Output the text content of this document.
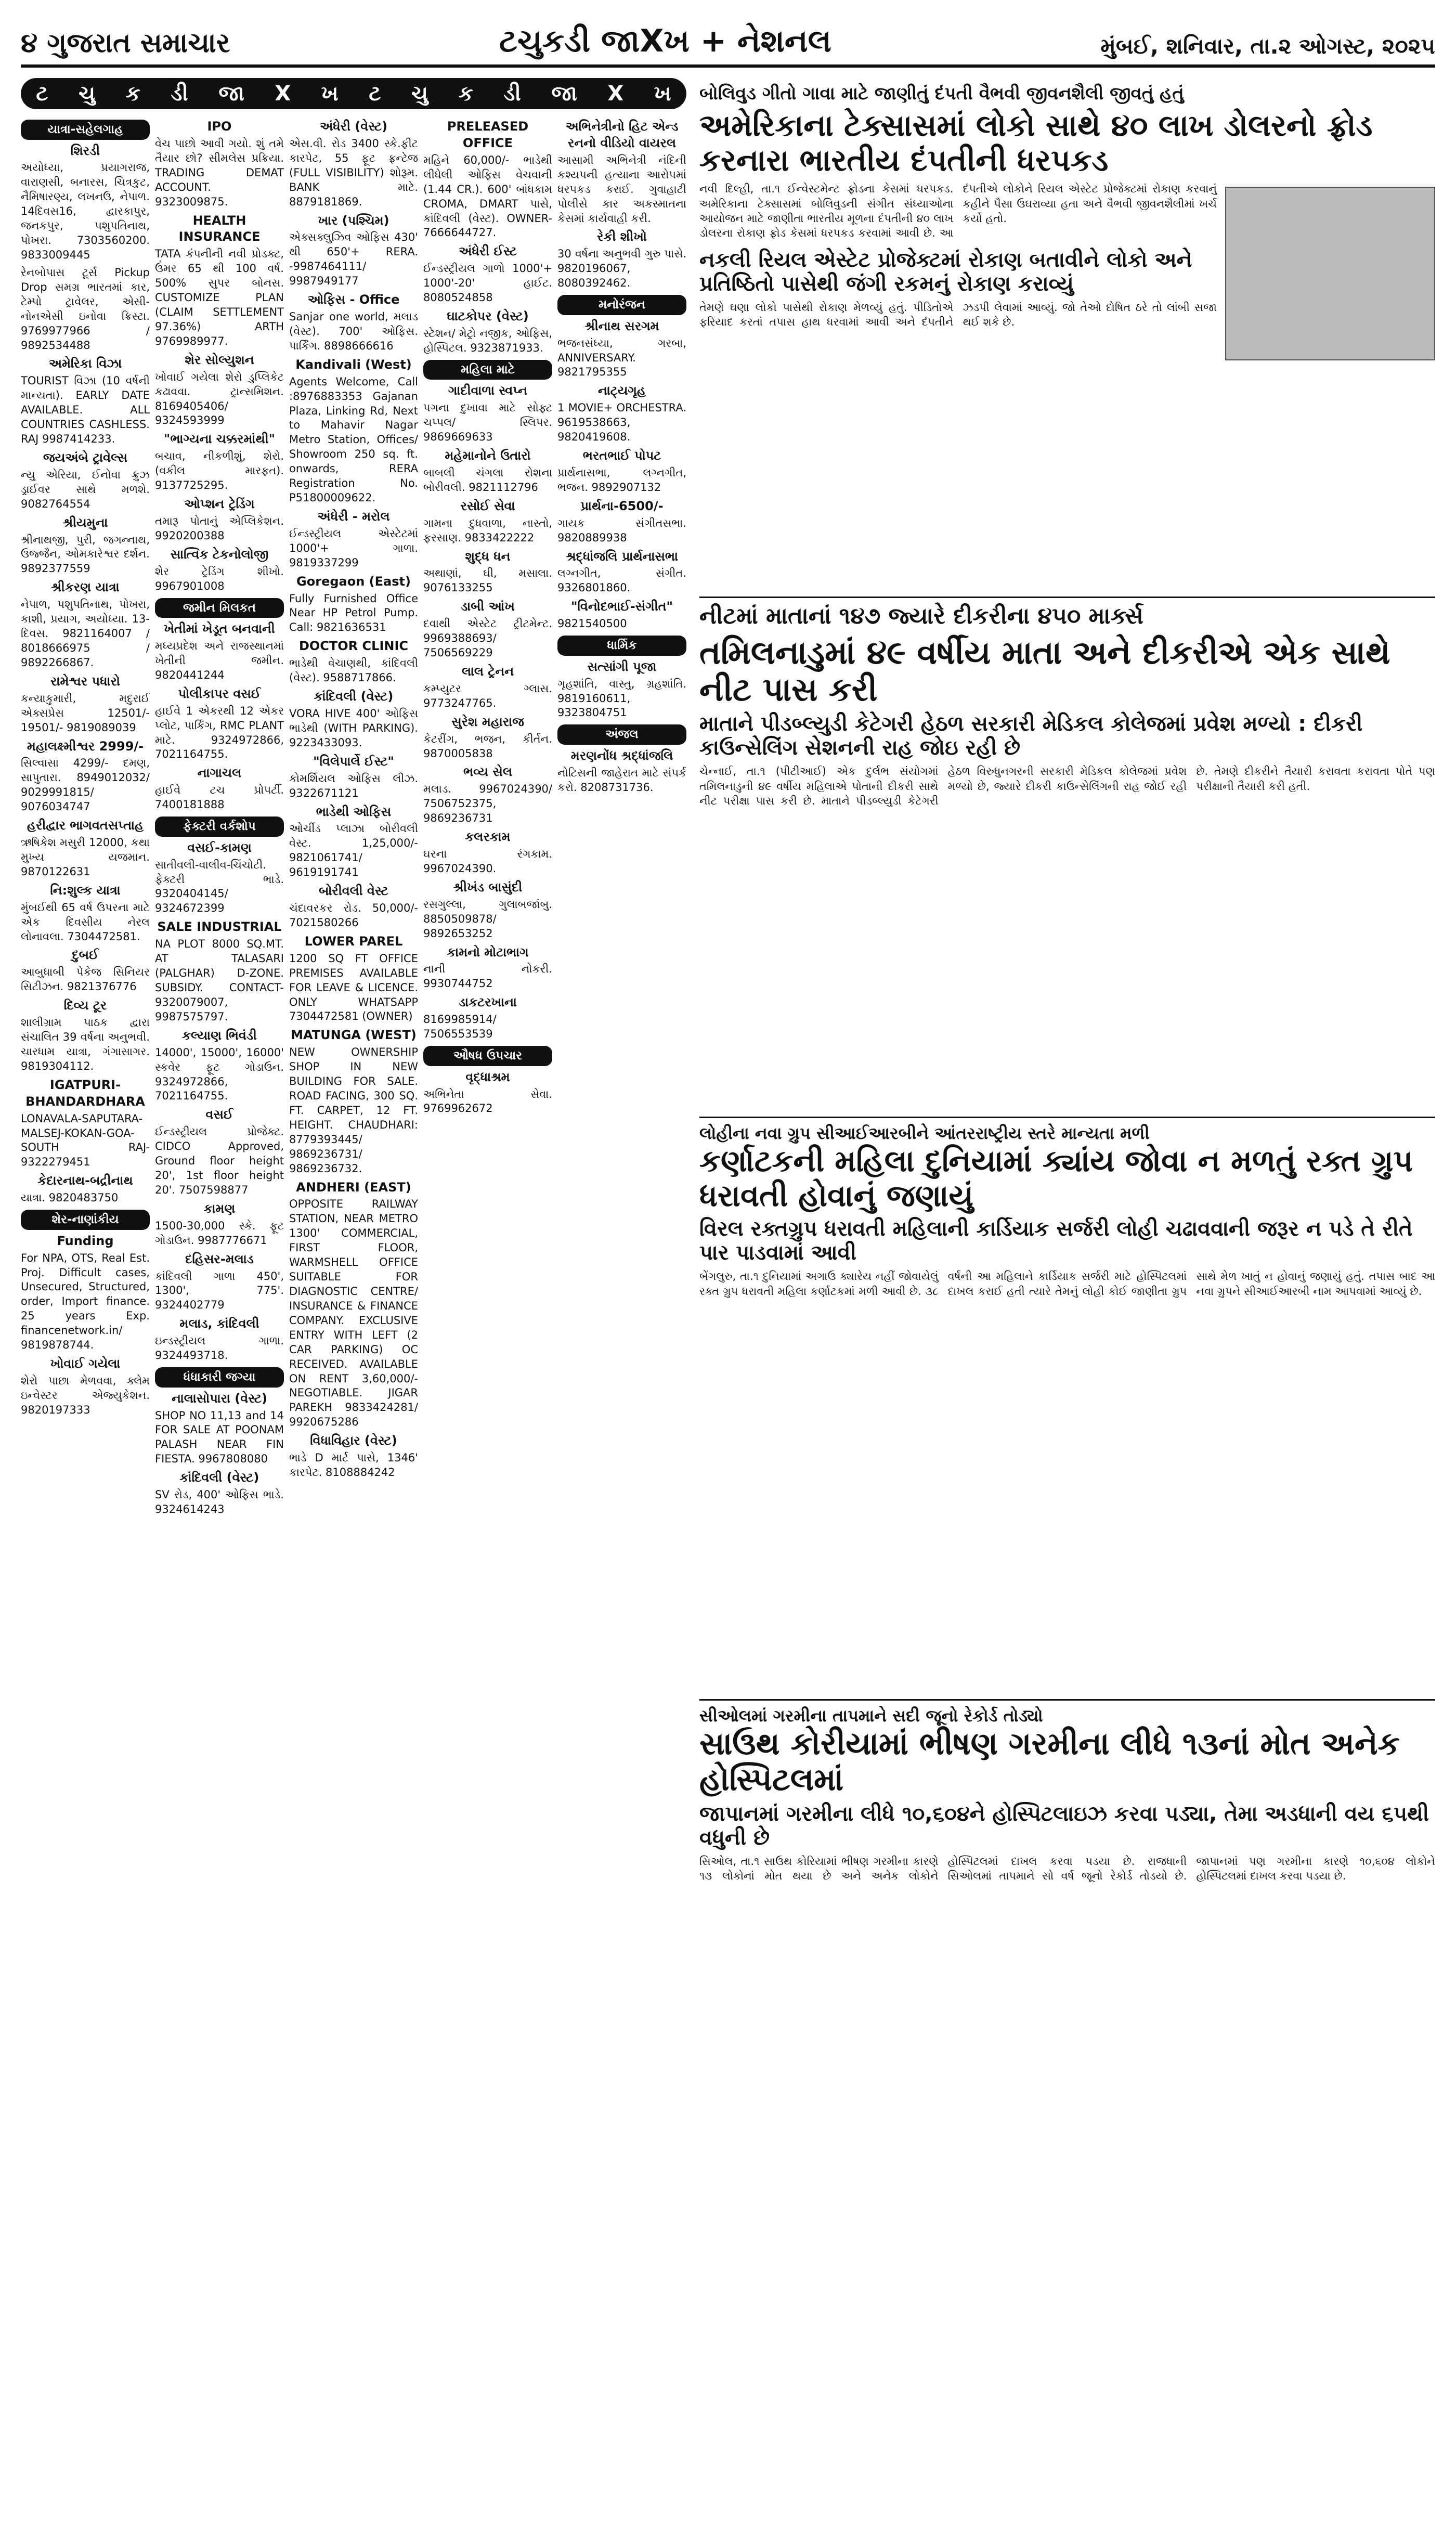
૪ ગુજરાત સમાચાર	ટચુકડી જાXખ + નેશનલ	મુંબઈ, શનિવાર, તા.૨ ઓગસ્ટ, ૨૦૨૫
ટ ચુ ક ડી જા X ખ ટ ચુ ક ડી જા X ખ
યાત્રા-સહેલગાહ
શિરડી

અયોધ્યા, પ્રયાગરાજ, વારાણસી, બનારસ, ચિત્રકુટ, નૈમિષારણ્ય, લખનઉ, નેપાળ. 14દિવસ16, દ્વારકાપુર, જનકપુર, પશુપતિનાથ, પોખરા. 7303560200. 9833009445

રેનબોપાસ ટૂર્સ Pickup Drop સમગ્ર ભારતમાં કાર, ટેમ્પો ટ્રાવેલર, એસી-નોનએસી ઇનોવા ક્રિસ્ટા. 9769977966 / 9892534488

અમેરિકા વિઝા

TOURIST વિઝા (10 વર્ષની માન્યતા). EARLY DATE AVAILABLE. ALL COUNTRIES CASHLESS. RAJ 9987414233.

જયઅંબે ટ્રાવેલ્સ

ન્યુ એરિયા, ઈનોવા ક્રુઝ ડ્રાઈવર સાથે મળશે. 9082764554

શ્રીયમુના

શ્રીનાથજી, પુરી, જગન્નાથ, ઉજ્જૈન, ઓમકારેશ્વર દર્શન. 9892377559

શ્રીકરણ યાત્રા

નેપાળ, પશુપતિનાથ, પોખરા, કાશી, પ્રયાગ, અયોધ્યા. 13-દિવસ. 9821164007 / 8018666975 / 9892266867.

રામેશ્વર પધારો

કન્યાકુમારી, મદુરાઈ એક્સપ્રેસ 12501/- 19501/- 9819089039

મહાલક્ષ્મીશ્વર 2999/-

સિલ્વાસા 4299/- દમણ, સાપુતારા. 8949012032/ 9029991815/ 9076034747

હરીદ્વાર ભાગવતસપ્તાહ

ઋષિકેશ મસુરી 12000, કથા મુખ્ય યજમાન. 9870122631

નિ:શુલ્ક યાત્રા

મુંબઈથી 65 વર્ષ ઉપરના માટે એક દિવસીય નેરલ લોનાવલા. 7304472581.

દુબઈ

આબુધાબી પેકેજ સિનિયર સિટીઝન. 9821376776

દિવ્ય ટૂર

શાલીગ્રામ પાઠક દ્વારા સંચાલિત 39 વર્ષના અનુભવી. ચારધામ યાત્રા, ગંગાસાગર. 9819304112.

IGATPURI-BHANDARDHARA

LONAVALA-SAPUTARA-MALSEJ-KOKAN-GOA-SOUTH RAJ-9322279451

કેદારનાથ-બદ્રીનાથ

યાત્રા. 9820483750

શેર-નાણાંકીય
Funding

For NPA, OTS, Real Est. Proj. Difficult cases, Unsecured, Structured, order, Import finance. 25 years Exp. financenetwork.in/ 9819878744.

ખોવાઈ ગયેલા

શેરો પાછા મેળવવા, ક્લેમ ઇન્વેસ્ટર એજ્યુકેશન. 9820197333

IPO

વેચ પાછો આવી ગયો. શું તમે તૈયાર છો? સીમલેસ પ્રક્રિયા. TRADING DEMAT ACCOUNT. 9323009875.

HEALTH INSURANCE

TATA કંપનીની નવી પ્રોડક્ટ, ઉંમર 65 થી 100 વર્ષ. 500% સુપર બોનસ. CUSTOMIZE PLAN (CLAIM SETTLEMENT 97.36%) ARTH 9769989977.

શેર સોલ્યુશન

ખોવાઈ ગયેલા શેરો ડુપ્લિકેટ કઢાવવા. ટ્રાન્સમિશન. 8169405406/ 9324593999

"ભાગ્યના ચક્કરમાંથી"

બચાવ, નીકળીશું, શેરો. (વકીલ મારફત). 9137725295.

ઓપ્શન ટ્રેડિંગ

તમારૂ પોતાનું એપ્લિકેશન. 9920200388

સાત્વિક ટેકનોલોજી

શેર ટ્રેડિંગ શીખો. 9967901008

જમીન મિલકત
ખેતીમાં ખેડૂત બનવાની

મધ્યપ્રદેશ અને રાજસ્થાનમાં ખેતીની જમીન. 9820441244

પોલીકાપર વસઈ

હાઈવે 1 એકરથી 12 એકર પ્લોટ, પાર્કિંગ, RMC PLANT માટે. 9324972866, 7021164755.

નાગાચલ

હાઈવે ટચ પ્રોપર્ટી. 7400181888

ફેક્ટરી વર્કશોપ
વસઈ-કામણ

સાતીવલી-વાલીવ-ચિંચોટી. ફેક્ટરી ભાડે. 9320404145/ 9324672399

SALE INDUSTRIAL

NA PLOT 8000 SQ.MT. AT TALASARI (PALGHAR) D-ZONE. SUBSIDY. CONTACT- 9320079007, 9987575797.

કલ્યાણ ભિવંડી

14000', 15000', 16000' સ્કવેર ફૂટ ગોડાઉન. 9324972866, 7021164755.

વસઈ

ઈન્ડસ્ટ્રીયલ પ્રોજેક્ટ. CIDCO Approved, Ground floor height 20', 1st floor height 20'. 7507598877

કામણ

1500-30,000 સ્કે. ફૂટ ગોડાઉન. 9987776671

દહિસર-મલાડ

કાંદિવલી ગાળા 450', 1300', 775'. 9324402779

મલાડ, કાંદિવલી

ઇન્ડસ્ટ્રીયલ ગાળા. 9324493718.

ધંધાકારી જગ્યા
નાલાસોપારા (વેસ્ટ)

SHOP NO 11,13 and 14 FOR SALE AT POONAM PALASH NEAR FIN FIESTA. 9967808080

કાંદિવલી (વેસ્ટ)

SV રોડ, 400' ઓફિસ ભાડે. 9324614243

અંધેરી (વેસ્ટ)

એસ.વી. રોડ 3400 સ્કે.ફીટ કારપેટ, 55 ફૂટ ફ્રન્ટેજ (FULL VISIBILITY) શોરૂમ. BANK માટે. 8879181869.

ખાર (પશ્ચિમ)

એક્સક્લુઝિવ ઓફિસ 430' થી 650'+ RERA. -9987464111/ 9987949177

ઓફિસ - Office

Sanjar one world, મલાડ (વેસ્ટ). 700' ઓફિસ. પાર્કિંગ. 8898666616

Kandivali (West)

Agents Welcome, Call :8976883353 Gajanan Plaza, Linking Rd, Next to Mahavir Nagar Metro Station, Offices/ Showroom 250 sq. ft. onwards, RERA Registration No. P51800009622.

અંધેરી - મરોલ

ઈન્ડસ્ટ્રીયલ એસ્ટેટમાં 1000'+ ગાળા. 9819337299

Goregaon (East)

Fully Furnished Office Near HP Petrol Pump. Call: 9821636531

DOCTOR CLINIC

ભાડેથી વેચાણથી, કાંદિવલી (વેસ્ટ). 9588717866.

કાંદિવલી (વેસ્ટ)

VORA HIVE 400' ઓફિસ ભાડેથી (WITH PARKING). 9223433093.

"વિલેપાર્લે ઈસ્ટ"

કોમર્શિયલ ઓફિસ લીઝ. 9322671121

ભાડેથી ઓફિસ

ઓર્ચીડ પ્લાઝા બોરીવલી વેસ્ટ. 1,25,000/- 9821061741/ 9619191741

બોરીવલી વેસ્ટ

ચંદાવરકર રોડ. 50,000/- 7021580266

LOWER PAREL

1200 SQ FT OFFICE PREMISES AVAILABLE FOR LEAVE & LICENCE. ONLY WHATSAPP 7304472581 (OWNER)

MATUNGA (WEST)

NEW OWNERSHIP SHOP IN NEW BUILDING FOR SALE. ROAD FACING, 300 SQ. FT. CARPET, 12 FT. HEIGHT. CHAUDHARI: 8779393445/ 9869236731/ 9869236732.

ANDHERI (EAST)

OPPOSITE RAILWAY STATION, NEAR METRO 1300' COMMERCIAL, FIRST FLOOR, WARMSHELL OFFICE SUITABLE FOR DIAGNOSTIC CENTRE/ INSURANCE & FINANCE COMPANY. EXCLUSIVE ENTRY WITH LEFT (2 CAR PARKING) OC RECEIVED. AVAILABLE ON RENT 3,60,000/- NEGOTIABLE. JIGAR PAREKH 9833424281/ 9920675286

વિધાવિહાર (વેસ્ટ)

ભાડે D માર્ટ પાસે, 1346' કારપેટ. 8108884242

PRELEASED OFFICE

મહિને 60,000/- ભાડેથી લીધેલી ઓફિસ વેચવાની (1.44 CR.). 600' બાંધકામ CROMA, DMART પાસે, કાંદિવલી (વેસ્ટ). OWNER- 7666644727.

અંધેરી ઈસ્ટ

ઈન્ડસ્ટ્રીયલ ગાળો 1000'+ 1000'-20' હાઈટ. 8080524858

ઘાટકોપર (વેસ્ટ)

સ્ટેશન/ મેટ્રો નજીક, ઓફિસ, હોસ્પિટલ. 9323871933.

મહિલા માટે
ગાદીવાળા સ્વપ્ન

પગના દુખાવા માટે સોફ્ટ ચપ્પલ/ સ્લિપર. 9869669633

મહેમાનોને ઉતારો

બાબલી ચંગલા રોશના બોરીવલી. 9821112796

રસોઈ સેવા

ગામના દુધવાળા, નાસ્તો, ફરસાણ. 9833422222

શુદ્ધ ધન

અથાણાં, ઘી, મસાલા. 9076133255

ડાબી આંખ

દવાથી એસ્ટેટ ટ્રીટમેન્ટ. 9969388693/ 7506569229

લાલ ટ્રેનન

કમ્પ્યુટર ગ્લાસ. 9773247765.

સુરેશ મહારાજ

કેટરીંગ, ભજન, કીર્તન. 9870005838

ભવ્ય સેલ

મલાડ. 9967024390/ 7506752375, 9869236731

કલરકામ

ઘરના રંગકામ. 9967024390.

શ્રીખંડ બાસુંદી

રસગુલ્લા, ગુલાબજાંબુ. 8850509878/ 9892653252

કામનો મોટાભાગ

નાની નોકરી. 9930744752

ડાકટરખાના

8169985914/ 7506553539

ઔષધ ઉપચાર
વૃદ્ધાશ્રમ

અભિનેતા સેવા. 9769962672

અભિનેત્રીનો હિટ એન્ડ રનનો વીડિયો વાયરલ

આસામી અભિનેત્રી નંદિની કશ્યપની હત્યાના આરોપમાં ધરપકડ કરાઈ. ગુવાહાટી પોલીસે કાર અકસ્માતના કેસમાં કાર્યવાહી કરી.

રેકી શીખો

30 વર્ષના અનુભવી ગુરુ પાસે. 9820196067, 8080392462.

મનોરંજન
શ્રીનાથ સરગમ

ભજનસંધ્યા, ગરબા, ANNIVERSARY. 9821795355

નાટ્યગૃહ

1 MOVIE+ ORCHESTRA. 9619538663, 9820419608.

ભરતભાઈ પોપટ

પ્રાર્થનાસભા, લગ્નગીત, ભજન. 9892907132

પ્રાર્થના-6500/-

ગાયક સંગીતસભા. 9820889938

શ્રદ્ધાંજલિ પ્રાર્થનાસભા

લગ્નગીત, સંગીત. 9326801860.

"વિનોદભાઈ-સંગીત"

9821540500

ધાર્મિક
સત્સાંગી પૂજા

ગૃહશાંતિ, વાસ્તુ, ગ્રહશાંતિ. 9819160611, 9323804751

અંજલ
મરણનોંધ શ્રદ્ધાંજલિ

નોટિસની જાહેરાત માટે સંપર્ક કરો. 8208731736.

બોલિવુડ ગીતો ગાવા માટે જાણીતું દંપતી વૈભવી જીવનશૈલી જીવતું હતું
અમેરિકાના ટેક્સાસમાં લોકો સાથે ૪૦ લાખ ડોલરનો ફ્રોડ કરનારા ભારતીય દંપતીની ધરપકડ
નવી દિલ્હી, તા.૧ ઈન્વેસ્ટમેન્ટ ફ્રોડના કેસમાં ધરપકડ. અમેરિકાના ટેક્સાસમાં બોલિવુડની સંગીત સંધ્યાઓના આયોજન માટે જાણીતા ભારતીય મૂળના દંપતીની ૪૦ લાખ ડોલરના રોકાણ ફ્રોડ કેસમાં ધરપકડ કરવામાં આવી છે. આ દંપતીએ લોકોને રિયલ એસ્ટેટ પ્રોજેક્ટમાં રોકાણ કરવાનું કહીને પૈસા ઉઘરાવ્યા હતા અને વૈભવી જીવનશૈલીમાં ખર્ચ કર્યો હતો.
નકલી રિયલ એસ્ટેટ પ્રોજેક્ટમાં રોકાણ બતાવીને લોકો અને પ્રતિષ્ઠિતો પાસેથી જંગી રકમનું રોકાણ કરાવ્યું
તેમણે ઘણા લોકો પાસેથી રોકાણ મેળવ્યું હતું. પીડિતોએ ફરિયાદ કરતાં તપાસ હાથ ધરવામાં આવી અને દંપતીને ઝડપી લેવામાં આવ્યું. જો તેઓ દોષિત ઠરે તો લાંબી સજા થઈ શકે છે.
નીટમાં માતાનાં ૧૪૭ જ્યારે દીકરીના ૪૫૦ માર્ક્સ
તમિલનાડુમાં ૪૯ વર્ષીય માતા અને દીકરીએ એક સાથે નીટ પાસ કરી
માતાને પીડબ્લ્યુડી કેટેગરી હેઠળ સરકારી મેડિકલ કોલેજમાં પ્રવેશ મળ્યો : દીકરી કાઉન્સેલિંગ સેશનની રાહ જોઇ રહી છે
ચેન્નાઈ, તા.૧ (પીટીઆઈ) એક દુર્લભ સંયોગમાં તમિલનાડુની ૪૯ વર્ષીય મહિલાએ પોતાની દીકરી સાથે નીટ પરીક્ષા પાસ કરી છે. માતાને પીડબ્લ્યુડી કેટેગરી હેઠળ વિરુધુનગરની સરકારી મેડિકલ કોલેજમાં પ્રવેશ મળ્યો છે, જ્યારે દીકરી કાઉન્સેલિંગની રાહ જોઈ રહી છે. તેમણે દીકરીને તૈયારી કરાવતા કરાવતા પોતે પણ પરીક્ષાની તૈયારી કરી હતી.
લોહીના નવા ગ્રુપ સીઆઈઆરબીને આંતરરાષ્ટ્રીય સ્તરે માન્યતા મળી
કર્ણાટકની મહિલા દુનિયામાં ક્યાંય જોવા ન મળતું રક્ત ગ્રુપ ધરાવતી હોવાનું જણાયું
વિરલ રક્તગ્રુપ ધરાવતી મહિલાની કાર્ડિયાક સર્જરી લોહી ચઢાવવાની જરૂર ન પડે તે રીતે પાર પાડવામાં આવી
બેંગલુરુ, તા.૧ દુનિયામાં અગાઉ ક્યારેય નહીં જોવાયેલું રક્ત ગ્રુપ ધરાવતી મહિલા કર્ણાટકમાં મળી આવી છે. ૩૮ વર્ષની આ મહિલાને કાર્ડિયાક સર્જરી માટે હોસ્પિટલમાં દાખલ કરાઈ હતી ત્યારે તેમનું લોહી કોઈ જાણીતા ગ્રુપ સાથે મેળ ખાતું ન હોવાનું જણાયું હતું. તપાસ બાદ આ નવા ગ્રુપને સીઆઈઆરબી નામ આપવામાં આવ્યું છે.
સીઓલમાં ગરમીના તાપમાને સદી જૂનો રેકોર્ડ તોડ્યો
સાઉથ કોરીયામાં ભીષણ ગરમીના લીધે ૧૩નાં મોત અનેક હોસ્પિટલમાં
જાપાનમાં ગરમીના લીધે ૧૦,૬૦૪ને હોસ્પિટલાઇઝ કરવા પડ્યા, તેમા અડધાની વય ૬૫થી વધુની છે
સિઓલ, તા.૧ સાઉથ કોરિયામાં ભીષણ ગરમીના કારણે ૧૩ લોકોનાં મોત થયા છે અને અનેક લોકોને હોસ્પિટલમાં દાખલ કરવા પડયા છે. રાજધાની સિઓલમાં તાપમાને સો વર્ષ જૂનો રેકોર્ડ તોડયો છે. જાપાનમાં પણ ગરમીના કારણે ૧૦,૬૦૪ લોકોને હોસ્પિટલમાં દાખલ કરવા પડયા છે.
